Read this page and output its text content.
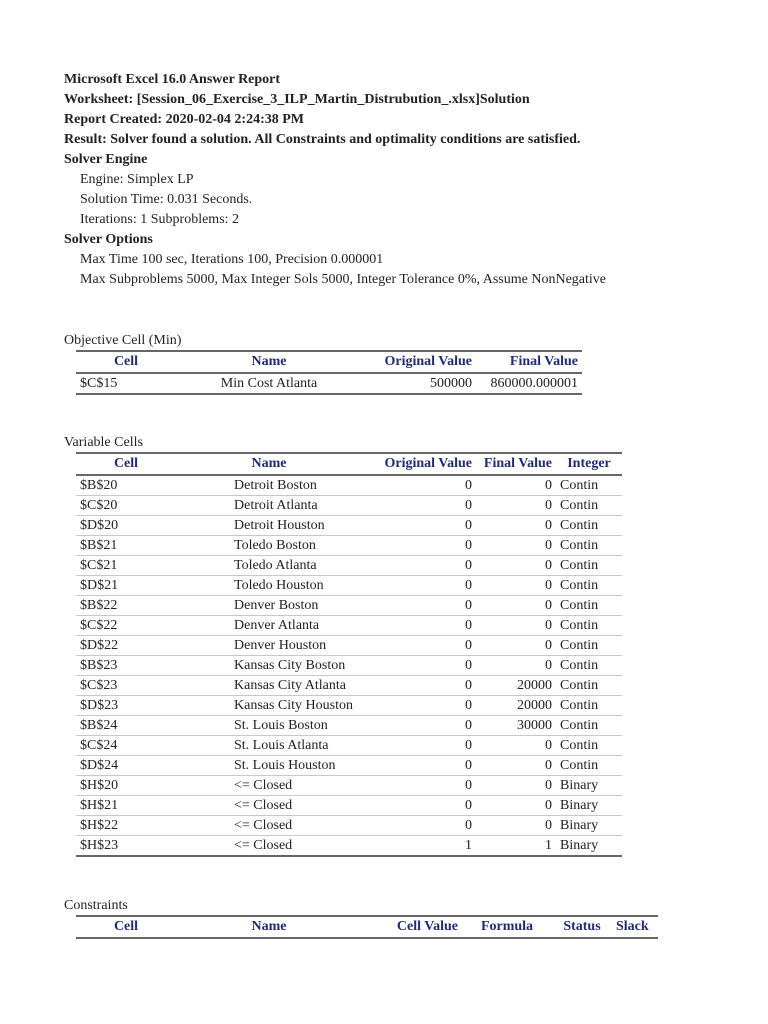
Microsoft Excel 16.0 Answer Report
Worksheet: [Session_06_Exercise_3_ILP_Martin_Distrubution_.xlsx]Solution
Report Created: 2020-02-04 2:24:38 PM
Result: Solver found a solution. All Constraints and optimality conditions are satisfied.
Solver Engine
Engine: Simplex LP
Solution Time: 0.031 Seconds.
Iterations: 1 Subproblems: 2
Solver Options
Max Time 100 sec, Iterations 100, Precision 0.000001
Max Subproblems 5000, Max Integer Sols 5000, Integer Tolerance 0%, Assume NonNegative
Objective Cell (Min)
Cell	Name	Original Value	Final Value
$C$15	Min Cost Atlanta	500000	860000.000001
Variable Cells
Cell	Name	Original Value	Final Value	Integer
$B$20	Detroit Boston	0	0	Contin
$C$20	Detroit Atlanta	0	0	Contin
$D$20	Detroit Houston	0	0	Contin
$B$21	Toledo Boston	0	0	Contin
$C$21	Toledo Atlanta	0	0	Contin
$D$21	Toledo Houston	0	0	Contin
$B$22	Denver Boston	0	0	Contin
$C$22	Denver Atlanta	0	0	Contin
$D$22	Denver Houston	0	0	Contin
$B$23	Kansas City Boston	0	0	Contin
$C$23	Kansas City Atlanta	0	20000	Contin
$D$23	Kansas City Houston	0	20000	Contin
$B$24	St. Louis Boston	0	30000	Contin
$C$24	St. Louis Atlanta	0	0	Contin
$D$24	St. Louis Houston	0	0	Contin
$H$20	<= Closed	0	0	Binary
$H$21	<= Closed	0	0	Binary
$H$22	<= Closed	0	0	Binary
$H$23	<= Closed	1	1	Binary
Constraints
Cell	Name	Cell Value	Formula	Status	Slack
